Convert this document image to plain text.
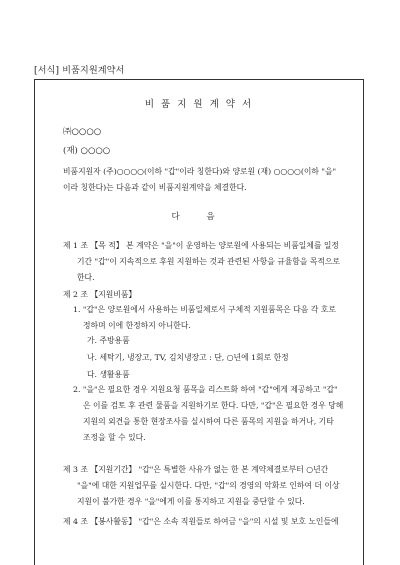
[서식] 비품지원계약서
비 품 지 원 계 약 서
㈜○○○○
(재) ○○○○
비품지원자 (주)○○○○(이하 "갑"이라 칭한다)와 양로원 (재) ○○○○(이하 "을"
이라 칭한다)는 다음과 같이 비품지원계약을 체결한다.
다 음
제 1 조 【목 적】 본 계약은 "을"이 운영하는 양로원에 사용되는 비품일체를 일정
기간 "갑"이 지속적으로 후원 지원하는 것과 관련된 사항을 규율함을 목적으로
한다.
제 2 조 【지원비품】
1. "갑"은 양로원에서 사용하는 비품일체로서 구체적 지원품목은 다음 각 호로
정하며 이에 한정하지 아니한다.
가. 주방용품
나. 세탁기, 냉장고, TV, 김치냉장고 : 단, ○년에 1회로 한정
다. 생활용품
2. "을"은 필요한 경우 지원요청 품목을 리스트화 하여 "갑"에게 제공하고 "갑"
은 이를 검토 후 관련 물품을 지원하기로 한다. 다만, "갑"은 필요한 경우 당해
지원의 외견을 통한 현장조사를 실시하여 다른 품목의 지원을 하거나, 기타
조정을 할 수 있다.
제 3 조 【지원기간】 "갑"은 특별한 사유가 없는 한 본 계약체결로부터 ○년간
"을"에 대한 지원업무를 실시한다. 다만, "갑"의 경영의 악화로 인하여 더 이상
지원이 불가한 경우 "을"에게 이를 통지하고 지원을 중단할 수 있다.
제 4 조 【봉사활동】 "갑"은 소속 직원들로 하여금 "을"의 시설 및 보호 노인들에
